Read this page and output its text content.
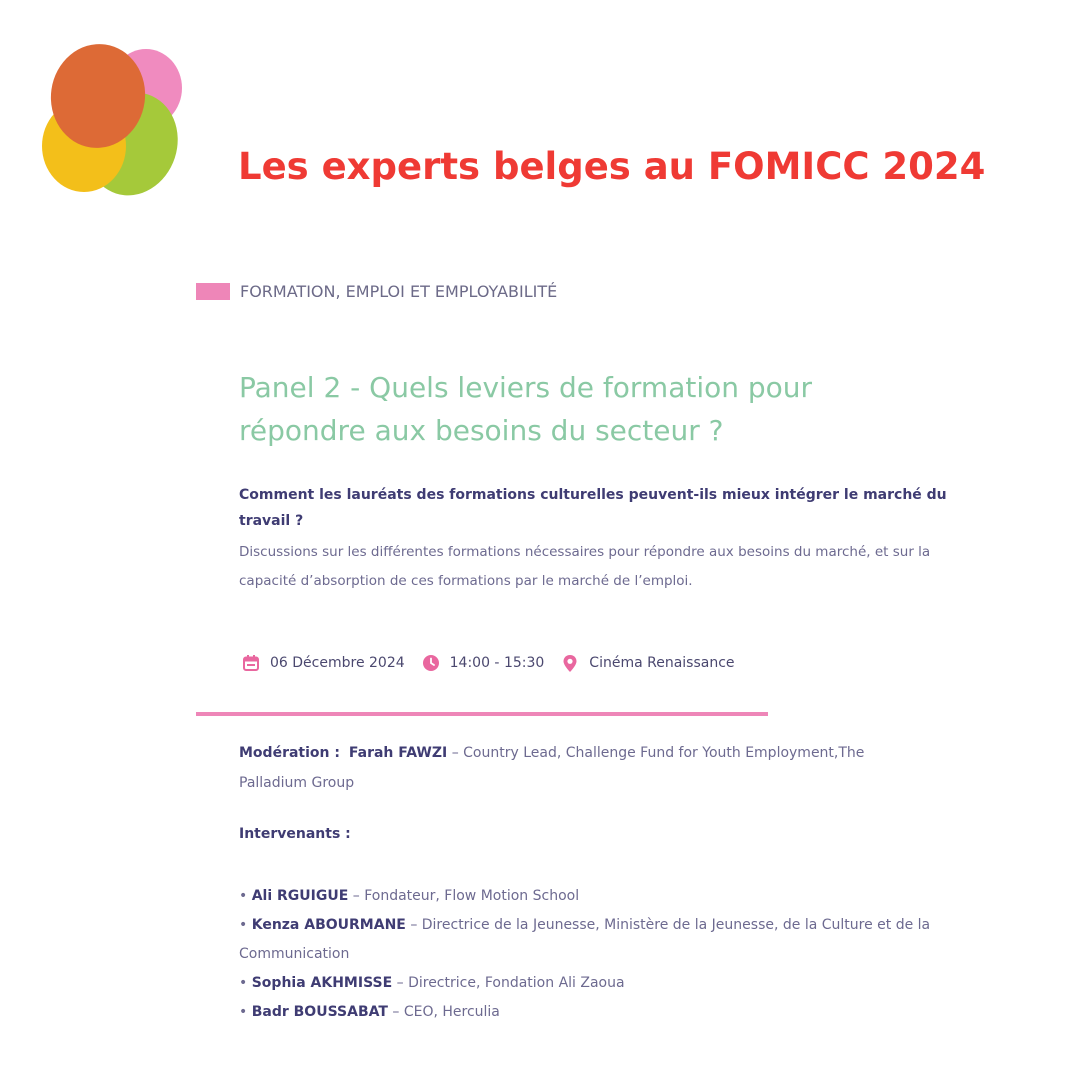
Les experts belges au FOMICC 2024
FORMATION, EMPLOI ET EMPLOYABILITÉ
Panel 2 - Quels leviers de formation pour
répondre aux besoins du secteur ?
Comment les lauréats des formations culturelles peuvent-ils mieux intégrer le marché du travail ?
Discussions sur les différentes formations nécessaires pour répondre aux besoins du marché, et sur la capacité d’absorption de ces formations par le marché de l’emploi.
06 Décembre 2024	14:00 - 15:30	Cinéma Renaissance
Modération : Farah FAWZI – Country Lead, Challenge Fund for Youth Employment,The Palladium Group
Intervenants :
• Ali RGUIGUE – Fondateur, Flow Motion School
• Kenza ABOURMANE – Directrice de la Jeunesse, Ministère de la Jeunesse, de la Culture et de la Communication
• Sophia AKHMISSE – Directrice, Fondation Ali Zaoua
• Badr BOUSSABAT – CEO, Herculia
